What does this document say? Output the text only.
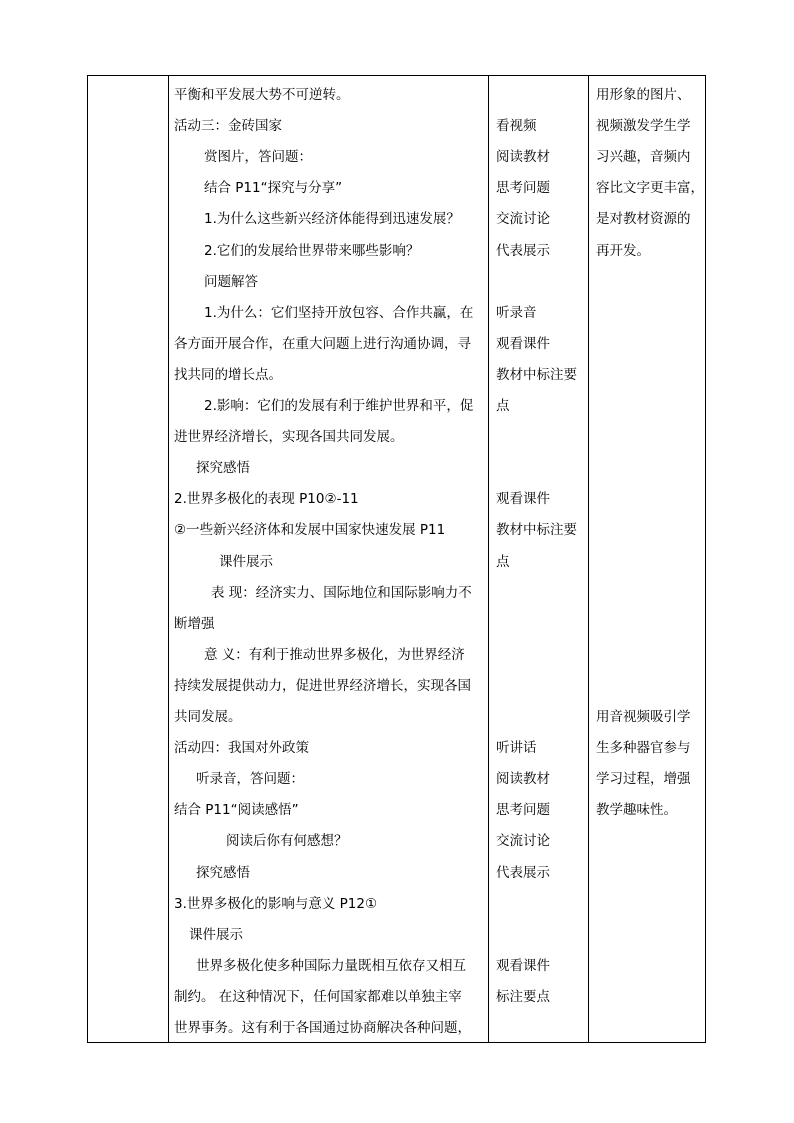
平衡和平发展大势不可逆转。
活动三：金砖国家
赏图片，答问题：
结合 P11“探究与分享”
1.为什么这些新兴经济体能得到迅速发展？
2.它们的发展给世界带来哪些影响？
问题解答
1.为什么：它们坚持开放包容、合作共赢，在
各方面开展合作，在重大问题上进行沟通协调，寻
找共同的增长点。
2.影响：它们的发展有利于维护世界和平，促
进世界经济增长，实现各国共同发展。
探究感悟
2.世界多极化的表现 P10②-11
②一些新兴经济体和发展中国家快速发展 P11
课件展示
表 现：经济实力、国际地位和国际影响力不
断增强
意 义：有利于推动世界多极化，为世界经济
持续发展提供动力，促进世界经济增长，实现各国
共同发展。
活动四：我国对外政策
听录音，答问题：
结合 P11“阅读感悟”
阅读后你有何感想？
探究感悟
3.世界多极化的影响与意义 P12①
课件展示
世界多极化使多种国际力量既相互依存又相互
制约。 在这种情况下，任何国家都难以单独主宰
世界事务。这有利于各国通过协商解决各种问题，
看视频
阅读教材
思考问题
交流讨论
代表展示
听录音
观看课件
教材中标注要
点
观看课件
教材中标注要
点
听讲话
阅读教材
思考问题
交流讨论
代表展示
观看课件
标注要点
用形象的图片、
视频激发学生学
习兴趣，音频内
容比文字更丰富，
是对教材资源的
再开发。
用音视频吸引学
生多种器官参与
学习过程，增强
教学趣味性。
